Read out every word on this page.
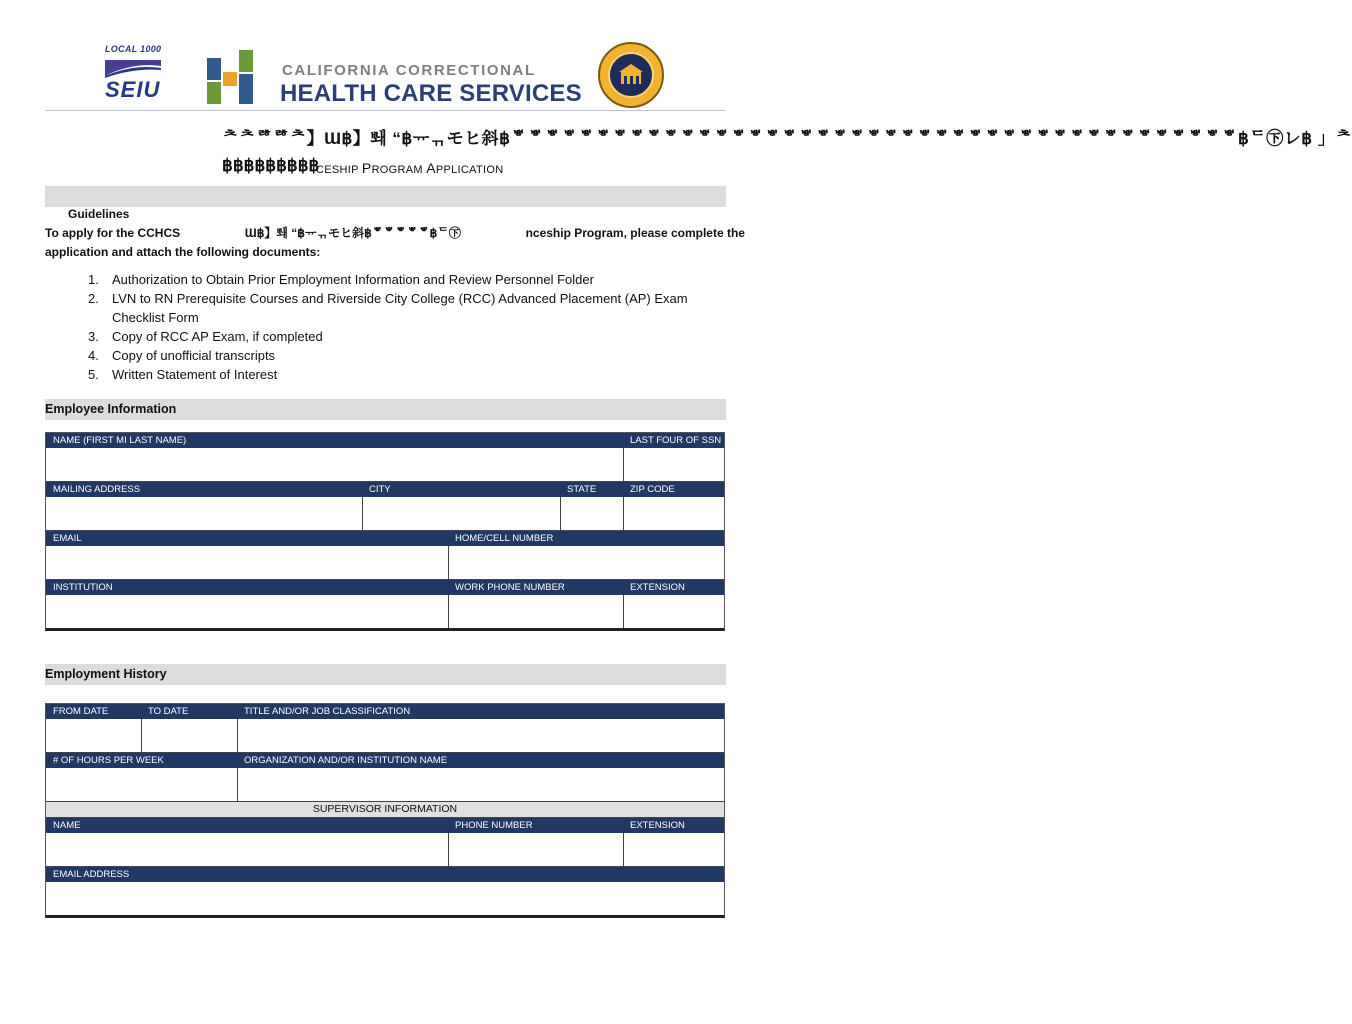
LOCAL 1000
SEIU
CALIFORNIA CORRECTIONAL
HEALTH CARE SERVICES
ᄎᄎᄚᄚᄎ】Ɯ฿】ᄟᅫ “฿ᅲᆩモヒ斜฿ᄬᄬᄬᄬᄬᄬᄬᄬᄬᄬᄬᄬᄬᄬᄬᄬᄬᄬᄬᄬᄬᄬᄬᄬᄬᄬᄬᄬᄬᄬᄬᄬᄬᄬᄬᄬᄬᄬᄬᄬᄬᄬᄬ฿ᄃ㊦レ฿ 」ᄎ
฿฿฿฿฿฿฿฿฿
CESHIP PROGRAM APPLICATION
Guidelines
To apply for the CCHCS	Ɯ฿】ᄟᅫ “฿ᅲᆩモヒ斜฿ᄬᄬᄬᄬᄬ฿ᄃ㊦	nceship Program, please complete the
application and attach the following documents:
1.	Authorization to Obtain Prior Employment Information and Review Personnel Folder
2.	LVN to RN Prerequisite Courses and Riverside City College (RCC) Advanced Placement (AP) Exam Checklist Form
3.	Copy of RCC AP Exam, if completed
4.	Copy of unofficial transcripts
5.	Written Statement of Interest
Employee Information
NAME (FIRST MI LAST NAME)	LAST FOUR OF SSN
MAILING ADDRESS	CITY	STATE	ZIP CODE
EMAIL	HOME/CELL NUMBER
INSTITUTION	WORK PHONE NUMBER	EXTENSION
Employment History
FROM DATE	TO DATE	TITLE AND/OR JOB CLASSIFICATION
# OF HOURS PER WEEK	ORGANIZATION AND/OR INSTITUTION NAME
SUPERVISOR INFORMATION
NAME	PHONE NUMBER	EXTENSION
EMAIL ADDRESS
